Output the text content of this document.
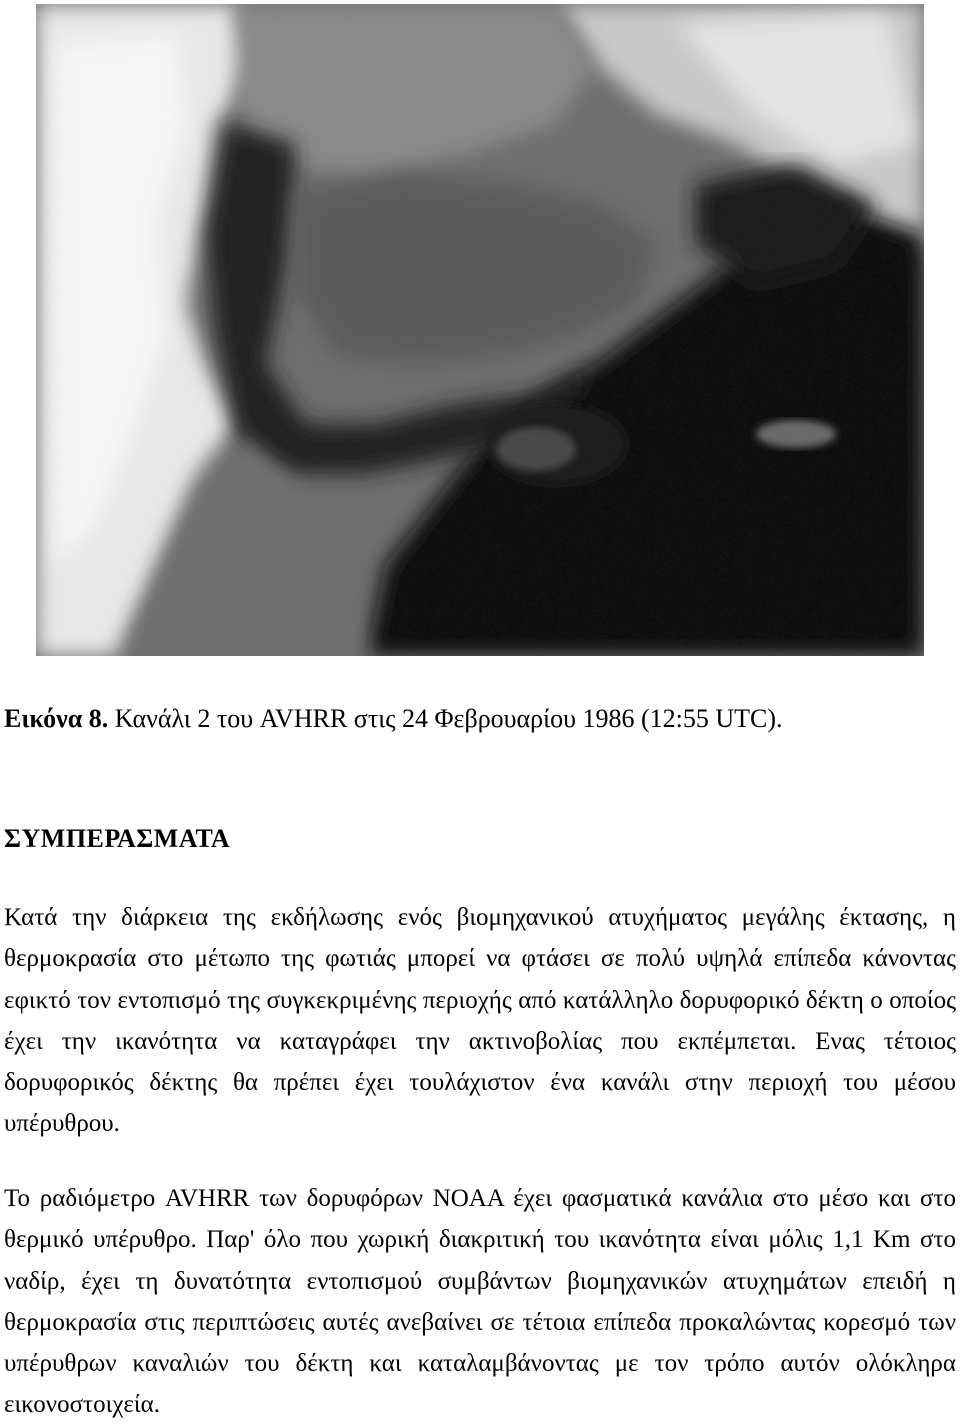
Εικόνα 8. Κανάλι 2 του AVHRR στις 24 Φεβρουαρίου 1986 (12:55 UTC).
ΣΥΜΠΕΡΑΣΜΑΤΑ

Κατά την διάρκεια της εκδήλωσης ενός βιομηχανικού ατυχήματος μεγάλης έκτασης, η θερμοκρασία στο μέτωπο της φωτιάς μπορεί να φτάσει σε πολύ υψηλά επίπεδα κάνοντας εφικτό τον εντοπισμό της συγκεκριμένης περιοχής από κατάλληλο δορυφορικό δέκτη ο οποίος έχει την ικανότητα να καταγράφει την ακτινοβολίας που εκπέμπεται. Ενας τέτοιος δορυφορικός δέκτης θα πρέπει έχει τουλάχιστον ένα κανάλι στην περιοχή του μέσου υπέρυθρου.

Το ραδιόμετρο AVHRR των δορυφόρων NOAA έχει φασματικά κανάλια στο μέσο και στο θερμικό υπέρυθρο. Παρ' όλο που χωρική διακριτική του ικανότητα είναι μόλις 1,1 Km στο ναδίρ, έχει τη δυνατότητα εντοπισμού συμβάντων βιομηχανικών ατυχημάτων επειδή η θερμοκρασία στις περιπτώσεις αυτές ανεβαίνει σε τέτοια επίπεδα προκαλώντας κορεσμό των υπέρυθρων καναλιών του δέκτη και καταλαμβάνοντας με τον τρόπο αυτόν ολόκληρα εικονοστοιχεία.
